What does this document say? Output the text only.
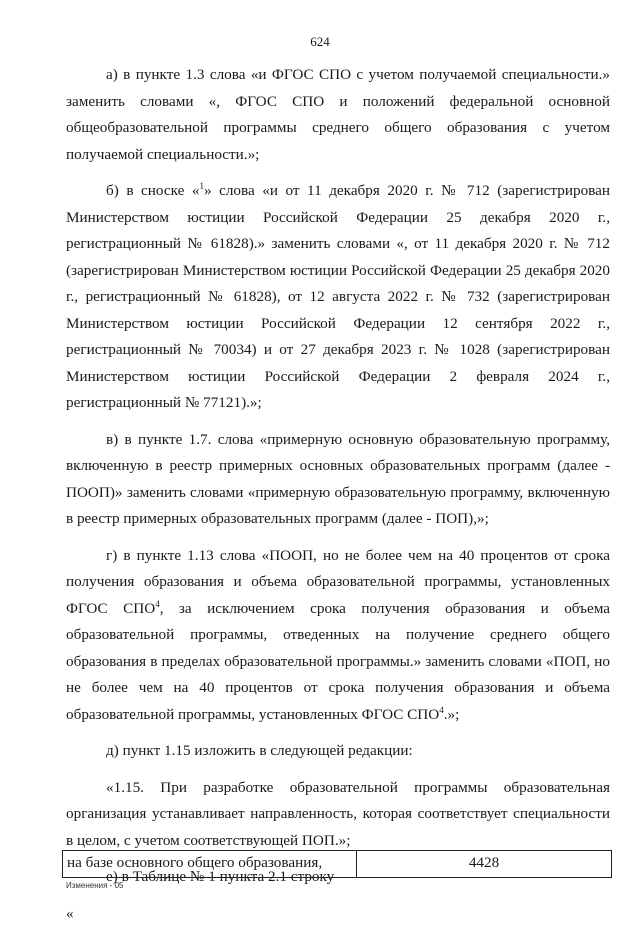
624

а) в пункте 1.3 слова «и ФГОС СПО с учетом получаемой специальности.» заменить словами «, ФГОС СПО и положений федеральной основной общеобразовательной программы среднего общего образования с учетом получаемой специальности.»;

б) в сноске «$^1$» слова «и от 11 декабря 2020 г. № 712 (зарегистрирован Министерством юстиции Российской Федерации 25 декабря 2020 г., регистрационный № 61828).» заменить словами «, от 11 декабря 2020 г. № 712 (зарегистрирован Министерством юстиции Российской Федерации 25 декабря 2020 г., регистрационный № 61828), от 12 августа 2022 г. № 732 (зарегистрирован Министерством юстиции Российской Федерации 12 сентября 2022 г., регистрационный № 70034) и от 27 декабря 2023 г. № 1028 (зарегистрирован Министерством юстиции Российской Федерации 2 февраля 2024 г., регистрационный № 77121).»;

в) в пункте 1.7. слова «примерную основную образовательную программу, включенную в реестр примерных основных образовательных программ (далее - ПООП)» заменить словами «примерную образовательную программу, включенную в реестр примерных образовательных программ (далее - ПОП),»;

г) в пункте 1.13 слова «ПООП, но не более чем на 40 процентов от срока получения образования и объема образовательной программы, установленных ФГОС СПО$^4$, за исключением срока получения образования и объема образовательной программы, отведенных на получение среднего общего образования в пределах образовательной программы.» заменить словами «ПОП, но не более чем на 40 процентов от срока получения образования и объема образовательной программы, установленных ФГОС СПО$^4$.»;

д) пункт 1.15 изложить в следующей редакции:

«1.15. При разработке образовательной программы образовательная организация устанавливает направленность, которая соответствует специальности в целом, с учетом соответствующей ПОП.»;

е) в Таблице № 1 пункта 2.1 строку

«

на базе основного общего образования,	4428
Изменения - 05
